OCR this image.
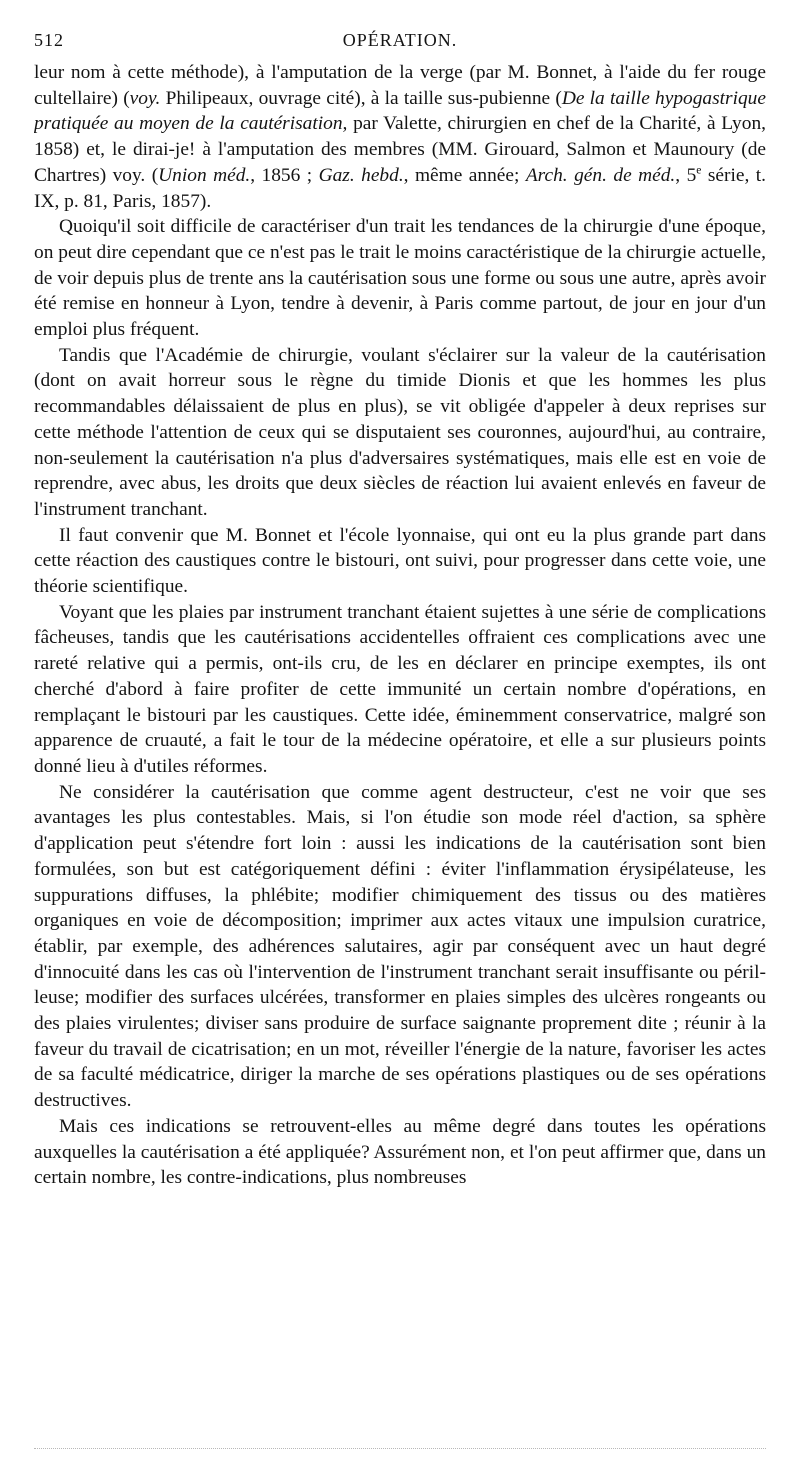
512	OPÉRATION.

leur nom à cette méthode), à l'amputation de la verge (par M. Bonnet, à l'aide du fer rouge cultellaire) (voy. Philipeaux, ouvrage cité), à la taille sus-pubienne (De la taille hypogastrique pratiquée au moyen de la cautérisation, par Valette, chirurgien en chef de la Charité, à Lyon, 1858) et, le dirai-je! à l'amputation des membres (MM. Girouard, Salmon et Maunoury (de Chartres) voy. (Union méd., 1856 ; Gaz. hebd., même année; Arch. gén. de méd., 5e série, t. IX, p. 81, Paris, 1857).

Quoiqu'il soit difficile de caractériser d'un trait les tendances de la chirurgie d'une époque, on peut dire cependant que ce n'est pas le trait le moins caractéristique de la chirurgie actuelle, de voir depuis plus de trente ans la cautérisation sous une forme ou sous une autre, après avoir été remise en honneur à Lyon, tendre à devenir, à Paris comme partout, de jour en jour d'un emploi plus fréquent.

Tandis que l'Académie de chirurgie, voulant s'éclairer sur la valeur de la cautérisation (dont on avait horreur sous le règne du timide Dionis et que les hommes les plus recommandables délaissaient de plus en plus), se vit obligée d'appeler à deux reprises sur cette méthode l'attention de ceux qui se disputaient ses couronnes, aujourd'hui, au contraire, non-seulement la cautérisation n'a plus d'adversaires systématiques, mais elle est en voie de reprendre, avec abus, les droits que deux siècles de réaction lui avaient enlevés en faveur de l'instrument tranchant.

Il faut convenir que M. Bonnet et l'école lyonnaise, qui ont eu la plus grande part dans cette réaction des caustiques contre le bistouri, ont suivi, pour progresser dans cette voie, une théorie scientifique.

Voyant que les plaies par instrument tranchant étaient sujettes à une série de complications fâcheuses, tandis que les cautérisations accidentelles offraient ces complications avec une rareté relative qui a permis, ont-ils cru, de les en déclarer en principe exemptes, ils ont cherché d'abord à faire profiter de cette immunité un certain nombre d'opérations, en remplaçant le bistouri par les caustiques. Cette idée, éminemment conservatrice, malgré son apparence de cruauté, a fait le tour de la médecine opératoire, et elle a sur plusieurs points donné lieu à d'utiles réformes.

Ne considérer la cautérisation que comme agent destructeur, c'est ne voir que ses avantages les plus contestables. Mais, si l'on étudie son mode réel d'action, sa sphère d'application peut s'étendre fort loin : aussi les indications de la cautérisation sont bien formulées, son but est catégoriquement défini : éviter l'inflammation érysipélateuse, les suppurations diffuses, la phlébite; modifier chimiquement des tissus ou des matières organiques en voie de décomposition; imprimer aux actes vitaux une impulsion curatrice, établir, par exemple, des adhérences salutaires, agir par conséquent avec un haut degré d'innocuité dans les cas où l'intervention de l'instrument tranchant serait insuffisante ou périlleuse; modifier des surfaces ulcérées, transformer en plaies simples des ulcères rongeants ou des plaies virulentes; diviser sans produire de surface saignante proprement dite ; réunir à la faveur du travail de cicatrisation; en un mot, réveiller l'énergie de la nature, favoriser les actes de sa faculté médicatrice, diriger la marche de ses opérations plastiques ou de ses opérations destructives.

Mais ces indications se retrouvent-elles au même degré dans toutes les opérations auxquelles la cautérisation a été appliquée? Assurément non, et l'on peut affirmer que, dans un certain nombre, les contre-indications, plus nombreuses
